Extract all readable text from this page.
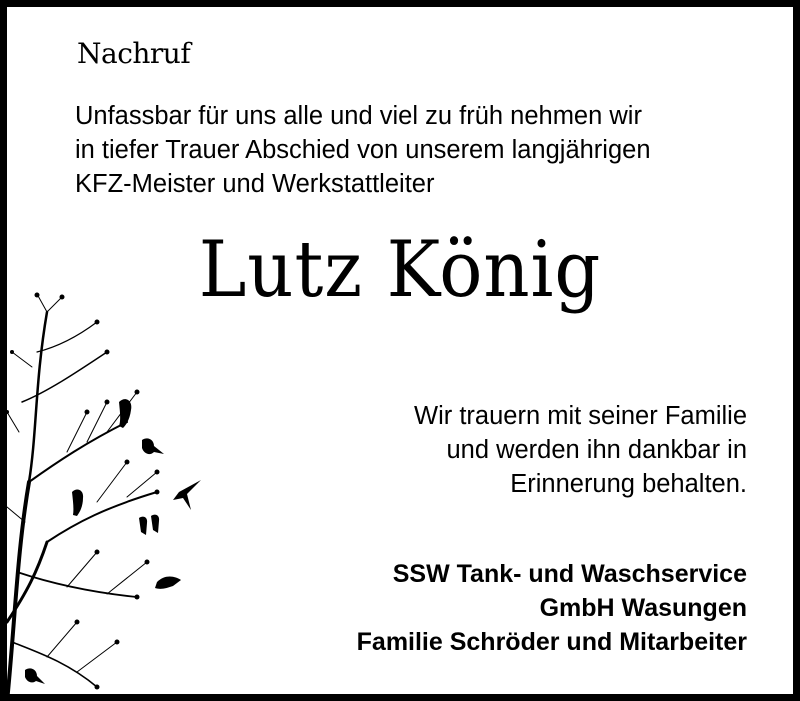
Nachruf
Unfassbar für uns alle und viel zu früh nehmen wir
in tiefer Trauer Abschied von unserem langjährigen
KFZ-Meister und Werkstattleiter
Lutz König
Wir trauern mit seiner Familie
und werden ihn dankbar in
Erinnerung behalten.
SSW Tank- und Waschservice
GmbH Wasungen
Familie Schröder und Mitarbeiter
